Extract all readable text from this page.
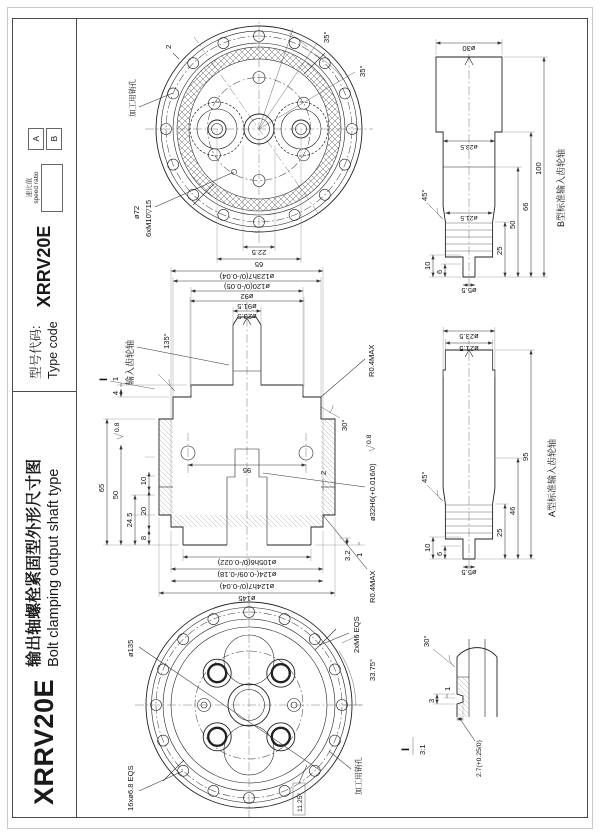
XRRV20E
输出轴螺栓紧固型外形尺寸图 Bolt clamping output shaft type
型号代码: Type code
XRRV20E
速比值 speed ratio
A B
ø135
16xø6.8 EQS
2xM6 EQS
33.75°
加工用销孔
11.25°
65
50
4
1
24.5
8
20
10
I
3.2 1
2
ø23.5
ø91.5
ø92
ø120(0/-0.05)
ø123h7(0/-0.04)
ø105h6(0/-0.022)
ø124(-0.09/-0.18)
ø124h7(0/-0.04)
ø145
ø32H6(+0.016/0)
95
135°
30°
R0.4MAX
R0.4MAX
0.8
0.8
输入齿轮轴
加工用销孔
ø72 6xM10▽15
35°
35°
2
65
22.5
I 3:1
3
1
2.7(+0.25/0)
30°
10
6
45°
25
46
95
ø5.5
ø21.5
ø23.5
A型标准输入齿轮轴
10
6
45°
25
50
66
100
ø5.5
ø21.5
ø23.5
ø30
B型标准输入齿轮轴
